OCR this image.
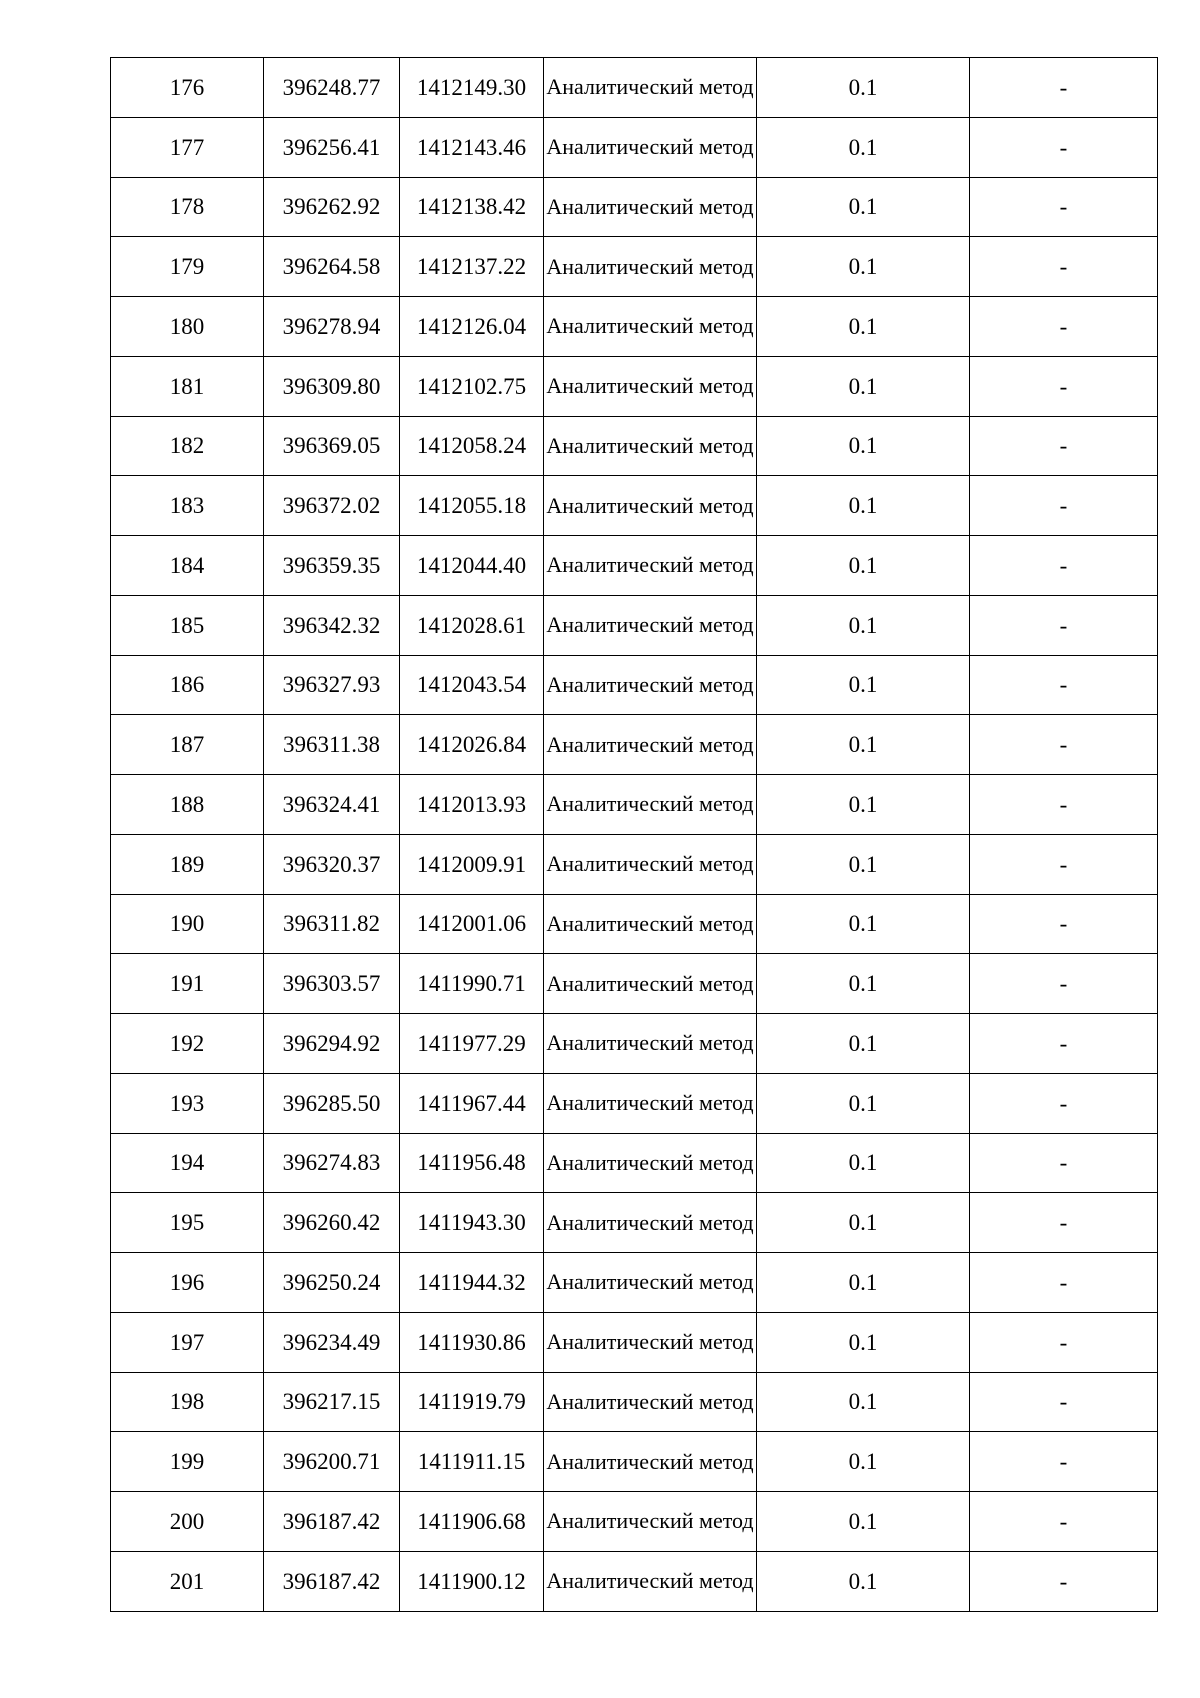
176	396248.77	1412149.30	Аналитический метод	0.1	-
177	396256.41	1412143.46	Аналитический метод	0.1	-
178	396262.92	1412138.42	Аналитический метод	0.1	-
179	396264.58	1412137.22	Аналитический метод	0.1	-
180	396278.94	1412126.04	Аналитический метод	0.1	-
181	396309.80	1412102.75	Аналитический метод	0.1	-
182	396369.05	1412058.24	Аналитический метод	0.1	-
183	396372.02	1412055.18	Аналитический метод	0.1	-
184	396359.35	1412044.40	Аналитический метод	0.1	-
185	396342.32	1412028.61	Аналитический метод	0.1	-
186	396327.93	1412043.54	Аналитический метод	0.1	-
187	396311.38	1412026.84	Аналитический метод	0.1	-
188	396324.41	1412013.93	Аналитический метод	0.1	-
189	396320.37	1412009.91	Аналитический метод	0.1	-
190	396311.82	1412001.06	Аналитический метод	0.1	-
191	396303.57	1411990.71	Аналитический метод	0.1	-
192	396294.92	1411977.29	Аналитический метод	0.1	-
193	396285.50	1411967.44	Аналитический метод	0.1	-
194	396274.83	1411956.48	Аналитический метод	0.1	-
195	396260.42	1411943.30	Аналитический метод	0.1	-
196	396250.24	1411944.32	Аналитический метод	0.1	-
197	396234.49	1411930.86	Аналитический метод	0.1	-
198	396217.15	1411919.79	Аналитический метод	0.1	-
199	396200.71	1411911.15	Аналитический метод	0.1	-
200	396187.42	1411906.68	Аналитический метод	0.1	-
201	396187.42	1411900.12	Аналитический метод	0.1	-
